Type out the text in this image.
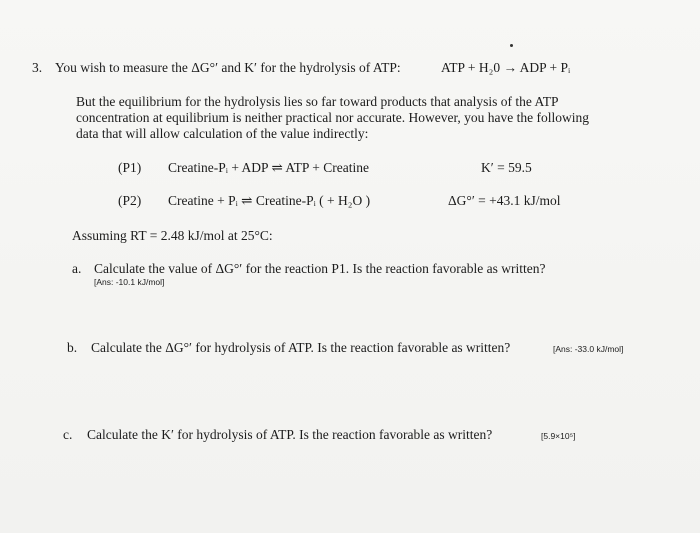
3. You wish to measure the ΔG°′ and K′ for the hydrolysis of ATP:	ATP + H₂0 → ADP + Pᵢ
But the equilibrium for the hydrolysis lies so far toward products that analysis of the ATP
concentration at equilibrium is neither practical nor accurate. However, you have the following
data that will allow calculation of the value indirectly:
(P1) Creatine-Pᵢ + ADP ⇌ ATP + Creatine	K′ = 59.5
(P2) Creatine + Pᵢ ⇌ Creatine-Pᵢ ( + H₂O )	ΔG°′ = +43.1 kJ/mol
Assuming RT = 2.48 kJ/mol at 25°C:
a. Calculate the value of ΔG°′ for the reaction P1. Is the reaction favorable as written?
[Ans: -10.1 kJ/mol]
b. Calculate the ΔG°′ for hydrolysis of ATP. Is the reaction favorable as written?	[Ans: -33.0 kJ/mol]
c. Calculate the K′ for hydrolysis of ATP. Is the reaction favorable as written?	[5.9×10⁵]
